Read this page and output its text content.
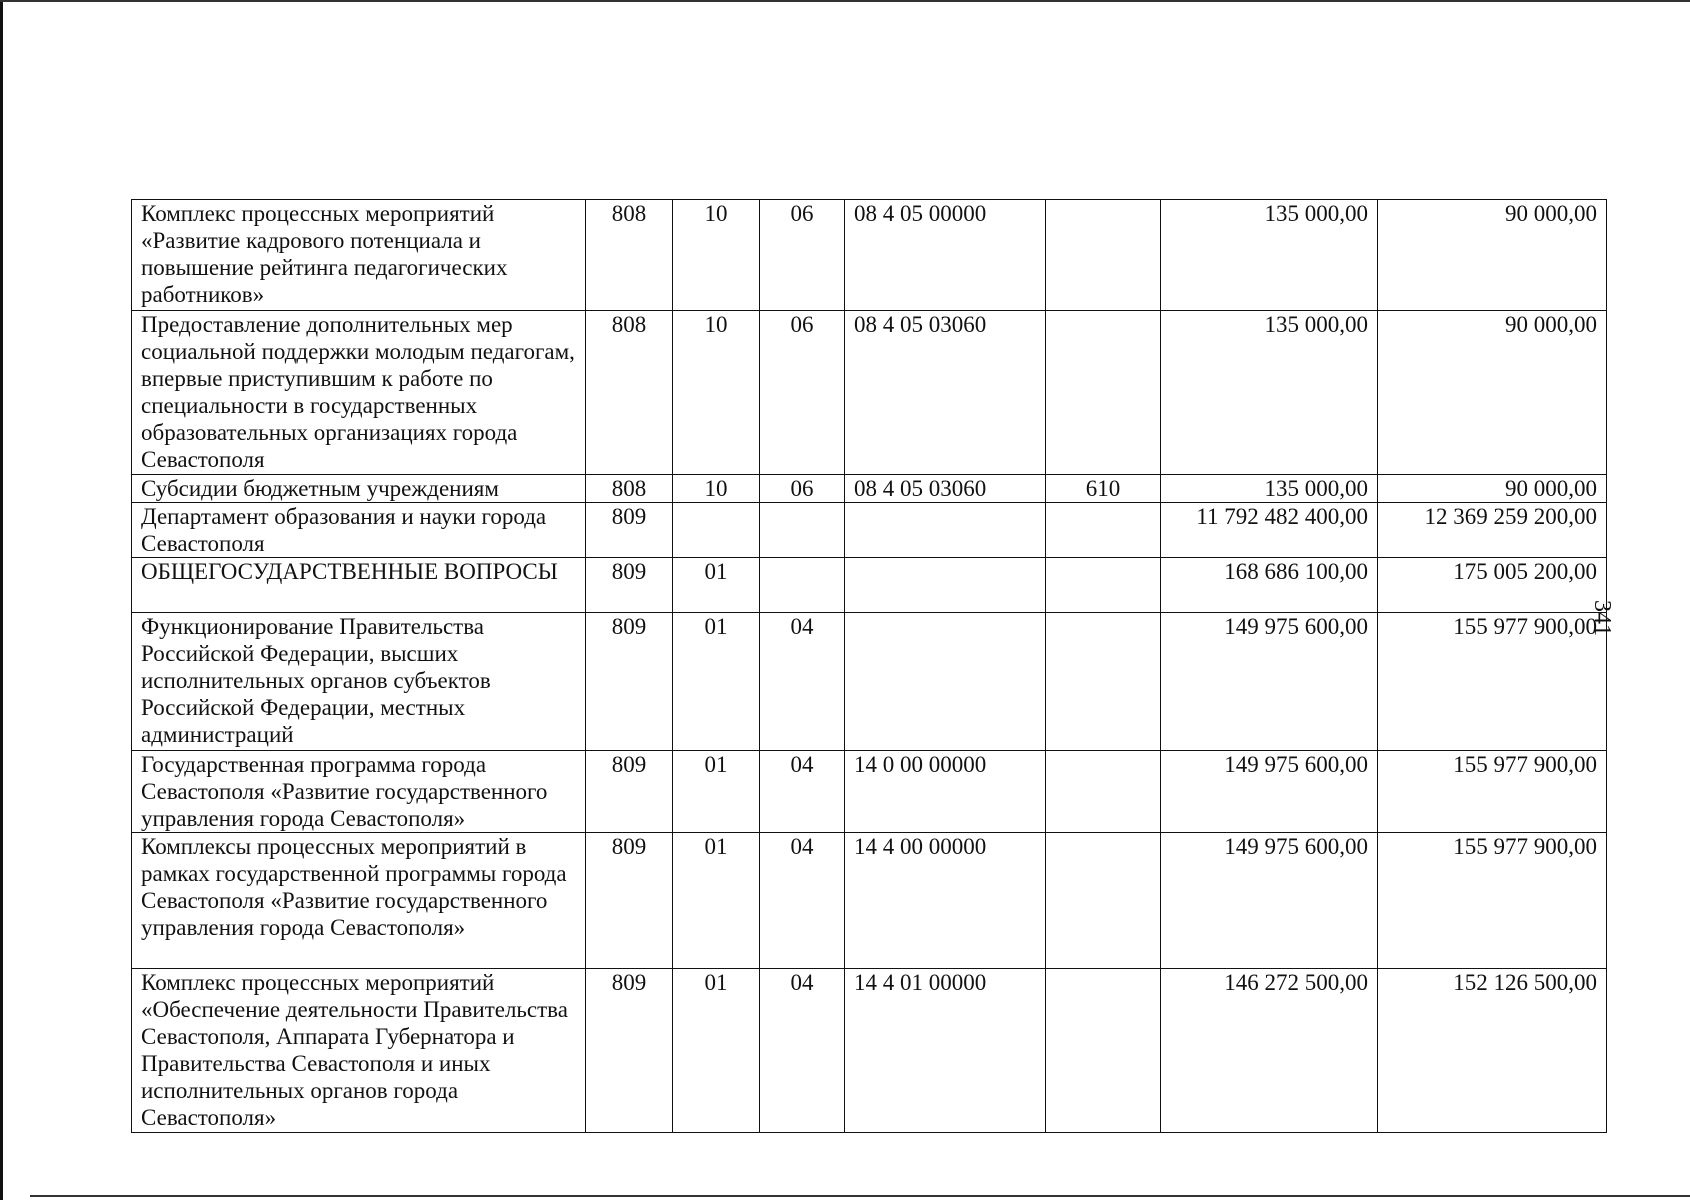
341
Комплекс процессных мероприятий «Развитие кадрового потенциала и повышение рейтинга педагогических работников»	808	10	06	08 4 05 00000		135 000,00	90 000,00
Предоставление дополнительных мер социальной поддержки молодым педагогам, впервые приступившим к работе по специальности в государственных образовательных организациях города Севастополя	808	10	06	08 4 05 03060		135 000,00	90 000,00
Субсидии бюджетным учреждениям	808	10	06	08 4 05 03060	610	135 000,00	90 000,00
Департамент образования и науки города Севастополя	809					11 792 482 400,00	12 369 259 200,00
ОБЩЕГОСУДАРСТВЕННЫЕ ВОПРОСЫ	809	01				168 686 100,00	175 005 200,00
Функционирование Правительства Российской Федерации, высших исполнительных органов субъектов Российской Федерации, местных администраций	809	01	04			149 975 600,00	155 977 900,00
Государственная программа города Севастополя «Развитие государственного управления города Севастополя»	809	01	04	14 0 00 00000		149 975 600,00	155 977 900,00
Комплексы процессных мероприятий в рамках государственной программы города Севастополя «Развитие государственного управления города Севастополя»	809	01	04	14 4 00 00000		149 975 600,00	155 977 900,00
Комплекс процессных мероприятий «Обеспечение деятельности Правительства Севастополя, Аппарата Губернатора и Правительства Севастополя и иных исполнительных органов города Севастополя»	809	01	04	14 4 01 00000		146 272 500,00	152 126 500,00
